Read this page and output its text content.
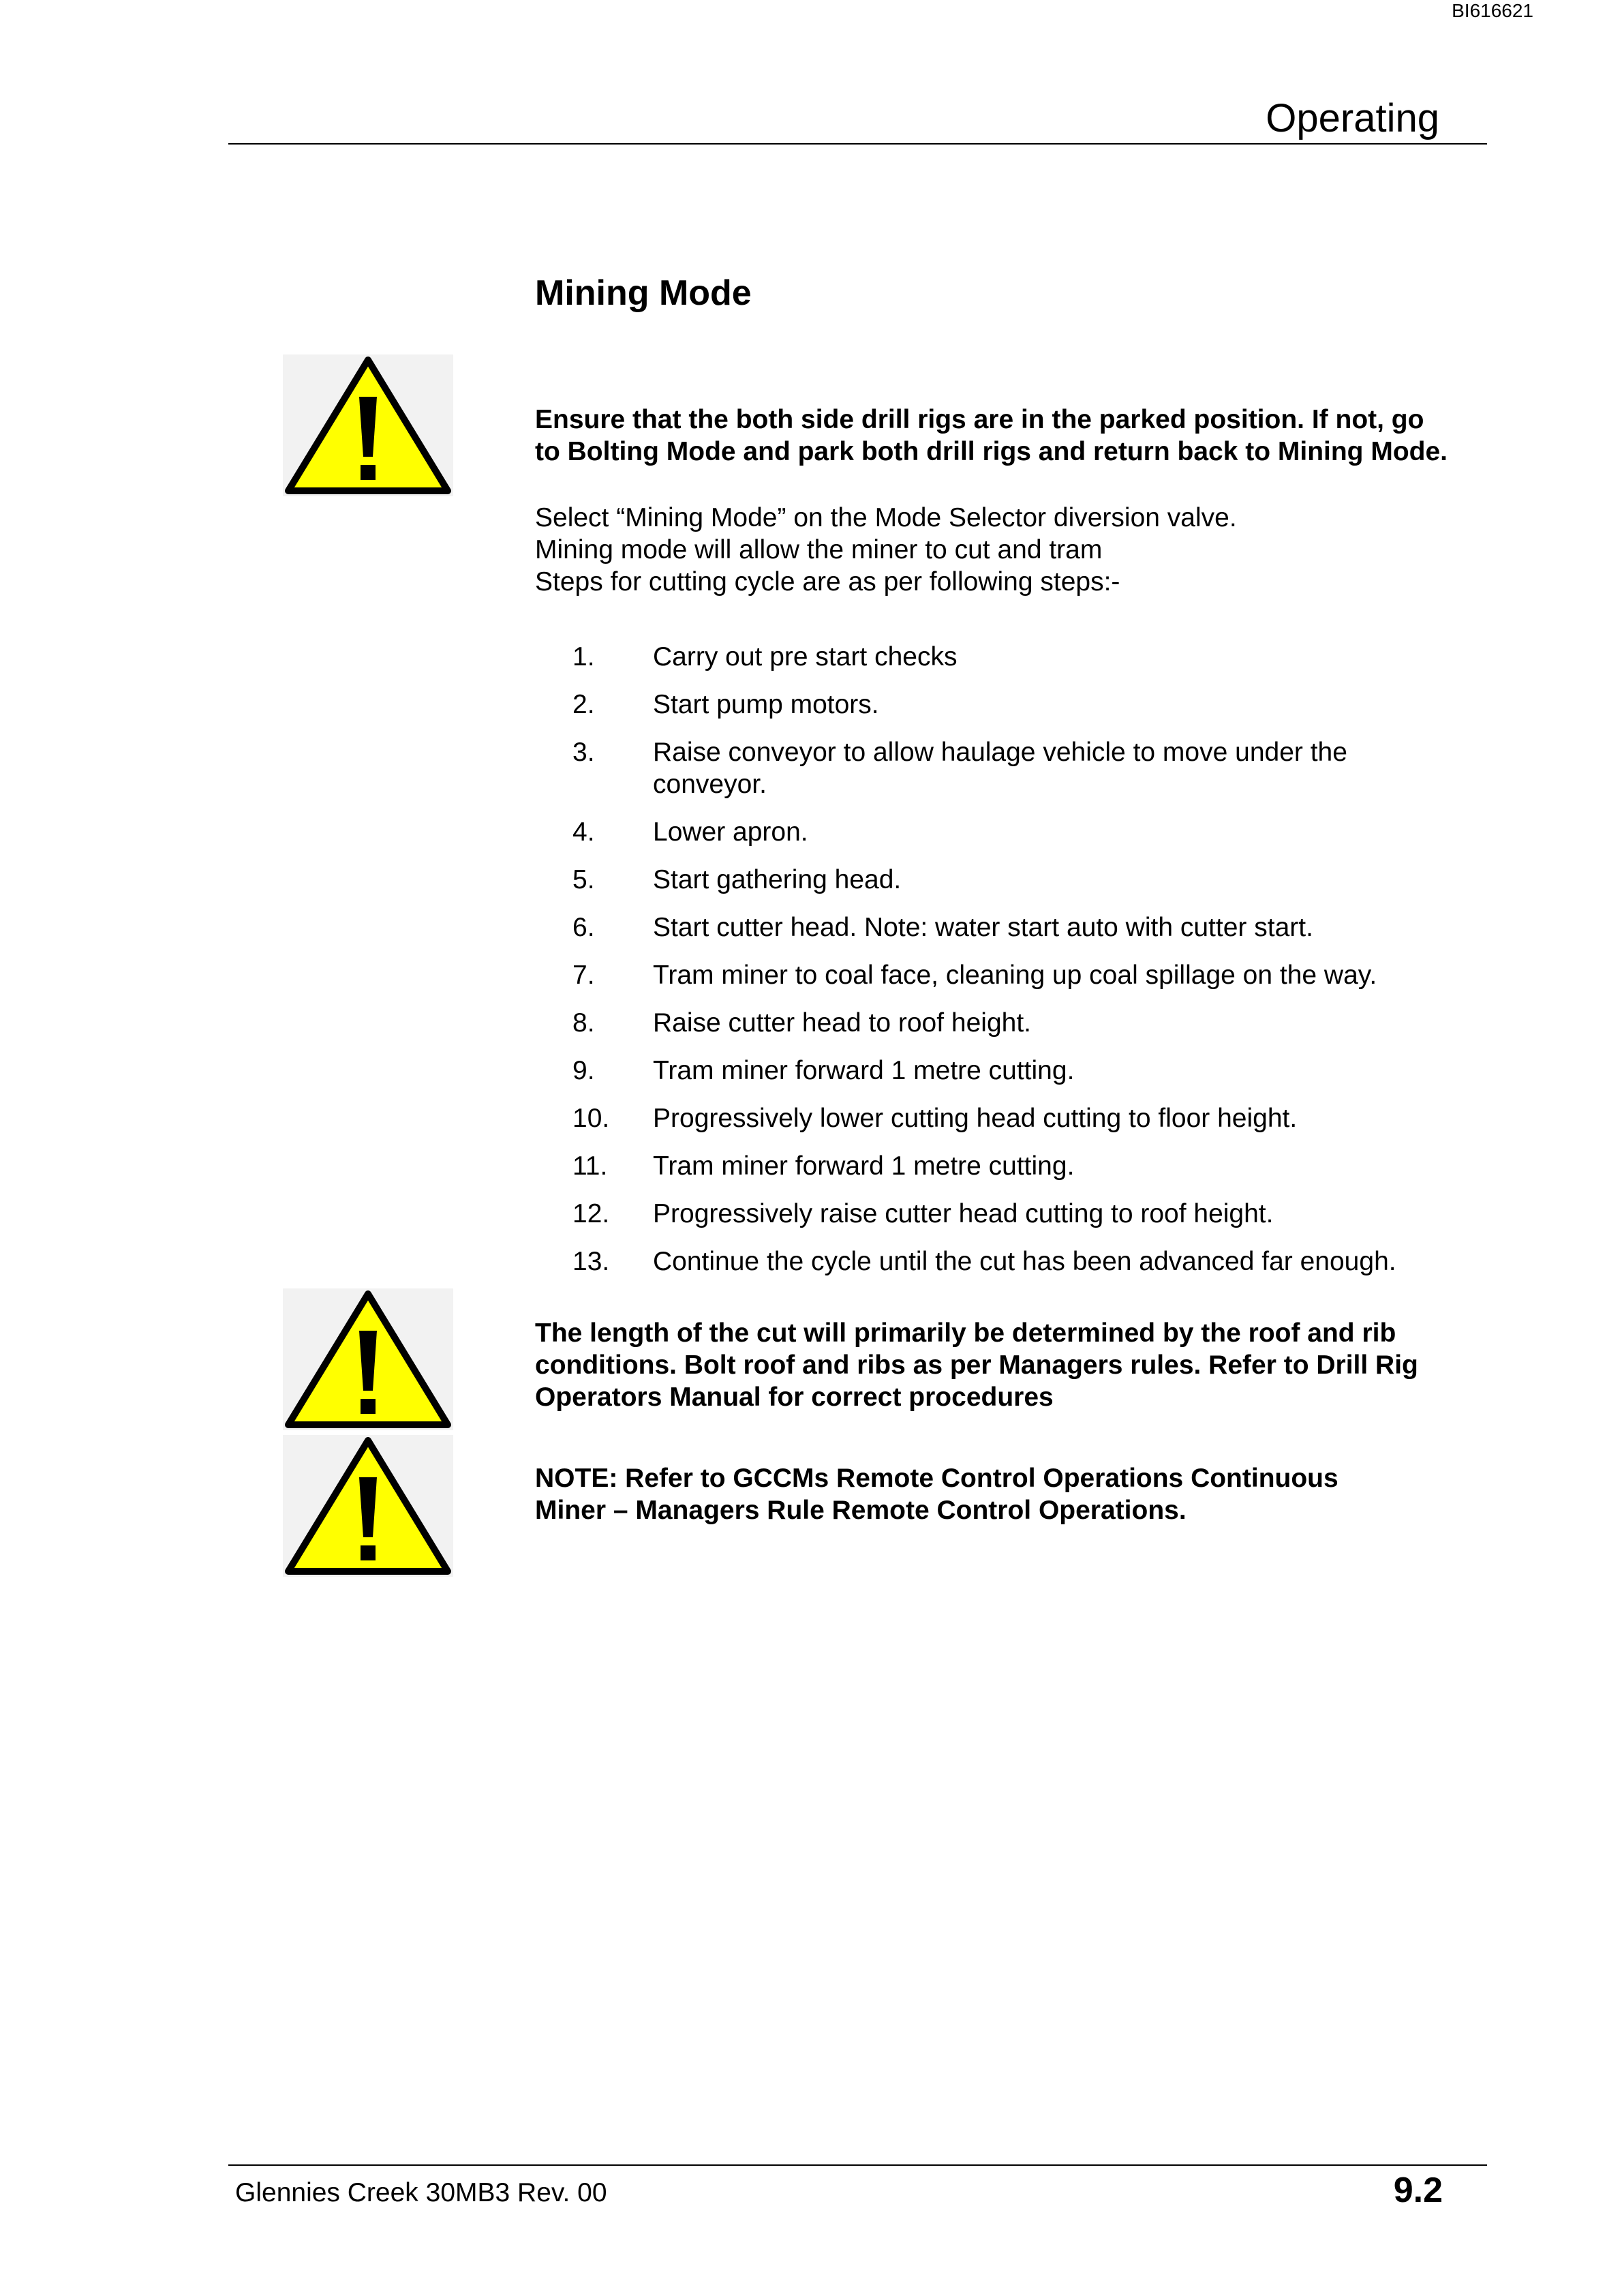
BI616621
Operating
Mining Mode
Ensure that the both side drill rigs are in the parked position. If not, go
to Bolting Mode and park both drill rigs and return back to Mining Mode.
Select “Mining Mode” on the Mode Selector diversion valve.
Mining mode will allow the miner to cut and tram
Steps for cutting cycle are as per following steps:-
1.	Carry out pre start checks
2.	Start pump motors.
3.	Raise conveyor to allow haulage vehicle to move under the conveyor.
4.	Lower apron.
5.	Start gathering head.
6.	Start cutter head. Note: water start auto with cutter start.
7.	Tram miner to coal face, cleaning up coal spillage on the way.
8.	Raise cutter head to roof height.
9.	Tram miner forward 1 metre cutting.
10.	Progressively lower cutting head cutting to floor height.
11.	Tram miner forward 1 metre cutting.
12.	Progressively raise cutter head cutting to roof height.
13.	Continue the cycle until the cut has been advanced far enough.
The length of the cut will primarily be determined by the roof and rib
conditions. Bolt roof and ribs as per Managers rules. Refer to Drill Rig
Operators Manual for correct procedures
NOTE: Refer to GCCMs Remote Control Operations Continuous
Miner – Managers Rule Remote Control Operations.
Glennies Creek 30MB3 Rev. 00	9.2
